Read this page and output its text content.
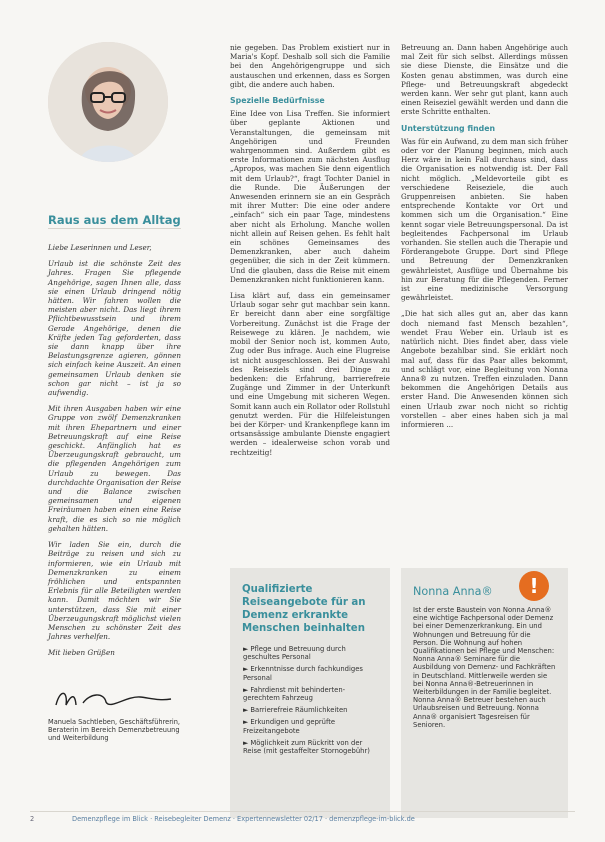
Raus aus dem Alltag

Liebe Leserinnen und Leser,

Urlaub ist die schönste Zeit des Jahres. Fragen Sie pflegende Angehörige, sagen Ihnen alle, dass sie einen Urlaub dringend nötig hätten. Wir fahren wollen die meisten aber nicht. Das liegt ihrem Pflichtbewusstsein und ihrem Gerade Angehörige, denen die Kräfte jeden Tag geforderten, dass sie dann knapp über ihre Belastungsgrenze agieren, gönnen sich einfach keine Auszeit. An einen gemeinsamen Urlaub denken sie schon gar nicht – ist ja so aufwendig.

Mit ihren Ausgaben haben wir eine Gruppe von zwölf Demenzkranken mit ihren Ehepartnern und einer Betreuungskraft auf eine Reise geschickt. Anfänglich hat es Überzeugungskraft gebraucht, um die pflegenden Angehörigen zum Urlaub zu bewegen. Das durchdachte Organisation der Reise und die Balance zwischen gemeinsamen und eigenen Freiräumen haben einen eine Reise kraft, die es sich so nie möglich gehalten hätten.

Wir laden Sie ein, durch die Beiträge zu reisen und sich zu informieren, wie ein Urlaub mit Demenzkranken zu einem fröhlichen und entspannten Erlebnis für alle Beteiligten werden kann. Damit möchten wir Sie unterstützen, dass Sie mit einer Überzeugungskraft möglichst vielen Menschen zu schönster Zeit des Jahres verhelfen.

Mit lieben Grüßen

Manuela Sachtleben, Geschäftsführerin, Beraterin im Bereich Demenzbetreuung und Weiterbildung

nie gegeben. Das Problem existiert nur in Maria's Kopf. Deshalb soll sich die Familie bei den Angehörigengruppe und sich austauschen und erkennen, dass es Sorgen gibt, die andere auch haben.

Spezielle Bedürfnisse

Eine Idee von Lisa Treffen. Sie informiert über geplante Aktionen und Veranstaltungen, die gemeinsam mit Angehörigen und Freunden wahrgenommen sind. Außerdem gibt es erste Informationen zum nächsten Ausflug „Apropos, was machen Sie denn eigentlich mit dem Urlaub?“, fragt Tochter Daniel in die Runde. Die Äußerungen der Anwesenden erinnern sie an ein Gespräch mit ihrer Mutter: Die eine oder andere „einfach“ sich ein paar Tage, mindestens aber nicht als Erholung. Manche wollen nicht allein auf Reisen gehen. Es fehlt halt ein schönes Gemeinsames des Demenzkranken, aber auch daheim gegenüber, die sich in der Zeit kümmern. Und die glauben, dass die Reise mit einem Demenzkranken nicht funktionieren kann.

Lisa klärt auf, dass ein gemeinsamer Urlaub sogar sehr gut machbar sein kann. Er bereicht dann aber eine sorgfältige Vorbereitung. Zunächst ist die Frage der Reisewege zu klären. Je nachdem, wie mobil der Senior noch ist, kommen Auto, Zug oder Bus infrage. Auch eine Flugreise ist nicht ausgeschlossen. Bei der Auswahl des Reiseziels sind drei Dinge zu bedenken: die Erfahrung, barrierefreie Zugänge und Zimmer in der Unterkunft und eine Umgebung mit sicheren Wegen. Somit kann auch ein Rollator oder Rollstuhl genutzt werden. Für die Hilfeleistungen bei der Körper- und Krankenpflege kann im ortsansässige ambulante Dienste engagiert werden – idealerweise schon vorab und rechtzeitig!

Betreuung an. Dann haben Angehörige auch mal Zeit für sich selbst. Allerdings müssen sie diese Dienste, die Einsätze und die Kosten genau abstimmen, was durch eine Pflege- und Betreuungskraft abgedeckt werden kann. Wer sehr gut plant, kann auch einen Reiseziel gewählt werden und dann die erste Schritte enthalten.

Unterstützung finden

Was für ein Aufwand, zu dem man sich früher oder vor der Planung beginnen, mich auch Herz wäre in kein Fall durchaus sind, dass die Organisation es notwendig ist. Der Fall nicht möglich. „Meldevorteile gibt es verschiedene Reiseziele, die auch Gruppenreisen anbieten. Sie haben entsprechende Kontakte vor Ort und kommen sich um die Organisation.“ Eine kennt sogar viele Betreuungspersonal. Da ist begleitendes Fachpersonal im Urlaub vorhanden. Sie stellen auch die Therapie und Förderangebote Gruppe. Dort sind Pflege und Betreuung der Demenzkranken gewährleistet, Ausflüge und Übernahme bis hin zur Beratung für die Pflegenden. Ferner ist eine medizinische Versorgung gewährleistet.

„Die hat sich alles gut an, aber das kann doch niemand fast Mensch bezahlen“, wendet Frau Weber ein. Urlaub ist es natürlich nicht. Dies findet aber, dass viele Angebote bezahlbar sind. Sie erklärt noch mal auf, dass für das Paar alles bekommt, und schlägt vor, eine Begleitung von Nonna Anna® zu nutzen. Treffen einzuladen. Dann bekommen die Angehörigen Details aus erster Hand. Die Anwesenden können sich einen Urlaub zwar noch nicht so richtig vorstellen – aber eines haben sich ja mal informieren ...

Qualifizierte Reiseangebote für an Demenz erkrankte Menschen beinhalten
► Pflege und Betreuung durch geschultes Personal
► Erkenntnisse durch fachkundiges Personal
► Fahrdienst mit behinderten-gerechtem Fahrzeug
► Barrierefreie Räumlichkeiten
► Erkundigen und geprüfte Freizeitangebote
► Möglichkeit zum Rückritt von der Reise (mit gestaffelter Stornogebühr)
Nonna Anna®
Ist der erste Baustein von Nonna Anna® eine wichtige Fachpersonal oder Demenz bei einer Demenzerkrankung. Ein und Wohnungen und Betreuung für die Person. Die Wohnung auf hohen Qualifikationen bei Pflege und Menschen: Nonna Anna® Seminare für die Ausbildung von Demenz- und Fachkräften in Deutschland. Mittlerweile werden sie bei Nonna Anna®-Betreuerinnen in Weiterbildungen in der Familie begleitet. Nonna Anna® Betreuer bestehen auch Urlaubsreisen und Betreuung. Nonna Anna® organisiert Tagesreisen für Senioren.
!
2	Demenzpflege im Blick · Reisebegleiter Demenz · Expertennewsletter 02/17 · demenzpflege-im-blick.de
